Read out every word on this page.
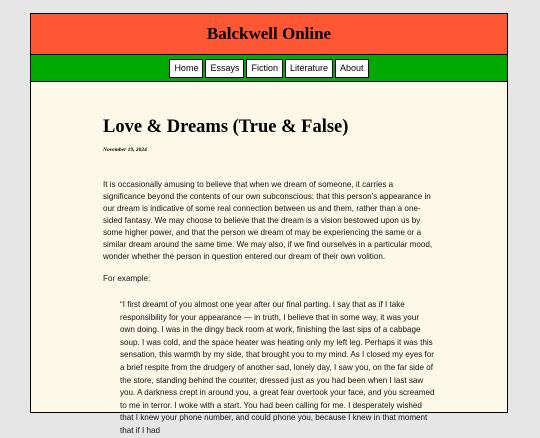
Balckwell Online
Home	Essays	Fiction	Literature	About
Love & Dreams (True & False)

November 19, 2024

It is occasionally amusing to believe that when we dream of someone, it carries a significance beyond the contents of our own subconscious: that this person's appearance in our dream is indicative of some real connection between us and them, rather than a one-sided fantasy. We may choose to believe that the dream is a vision bestowed upon us by some higher power, and that the person we dream of may be experiencing the same or a similar dream around the same time. We may also, if we find ourselves in a particular mood, wonder whether the person in question entered our dream of their own volition.

For example:

“I first dreamt of you almost one year after our final parting. I say that as if I take responsibility for your appearance — in truth, I believe that in some way, it was your own doing. I was in the dingy back room at work, finishing the last sips of a cabbage soup. I was cold, and the space heater was heating only my left leg. Perhaps it was this sensation, this warmth by my side, that brought you to my mind. As I closed my eyes for a brief respite from the drudgery of another sad, lonely day, I saw you, on the far side of the store, standing behind the counter, dressed just as you had been when I last saw you. A darkness crept in around you, a great fear overtook your face, and you screamed to me in terror. I woke with a start. You had been calling for me. I desperately wished that I knew your phone number, and could phone you, because I knew in that moment that if I had
